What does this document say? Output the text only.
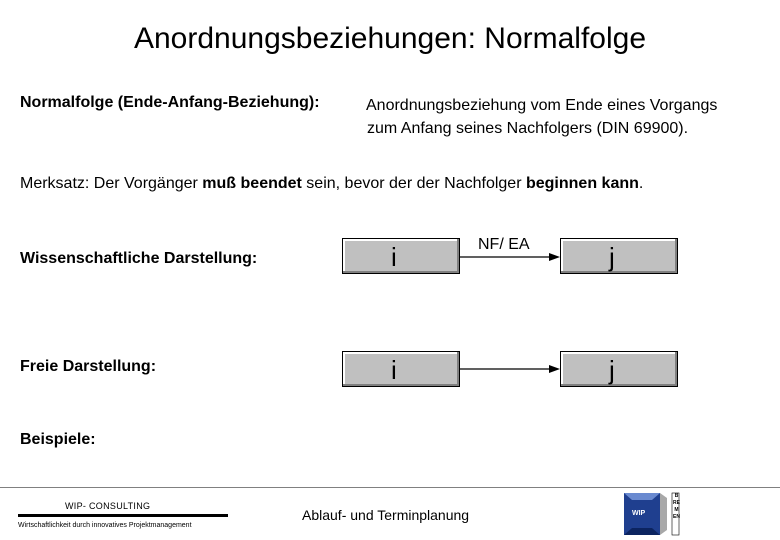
Anordnungsbeziehungen: Normalfolge
Normalfolge (Ende-Anfang-Beziehung):	Anordnungsbeziehung vom Ende eines Vorgangs
zum Anfang seines Nachfolgers (DIN 69900).
Merksatz: Der Vorgänger muß beendet sein, bevor der der Nachfolger beginnen kann.
Wissenschaftliche Darstellung:	i	j
NF/ EA
Freie Darstellung:	i	j
Beispiele:
WIP- CONSULTING
Wirtschaftlichkeit durch innovatives Projektmanagement
Ablauf- und Terminplanung	WIP
BREMEN
